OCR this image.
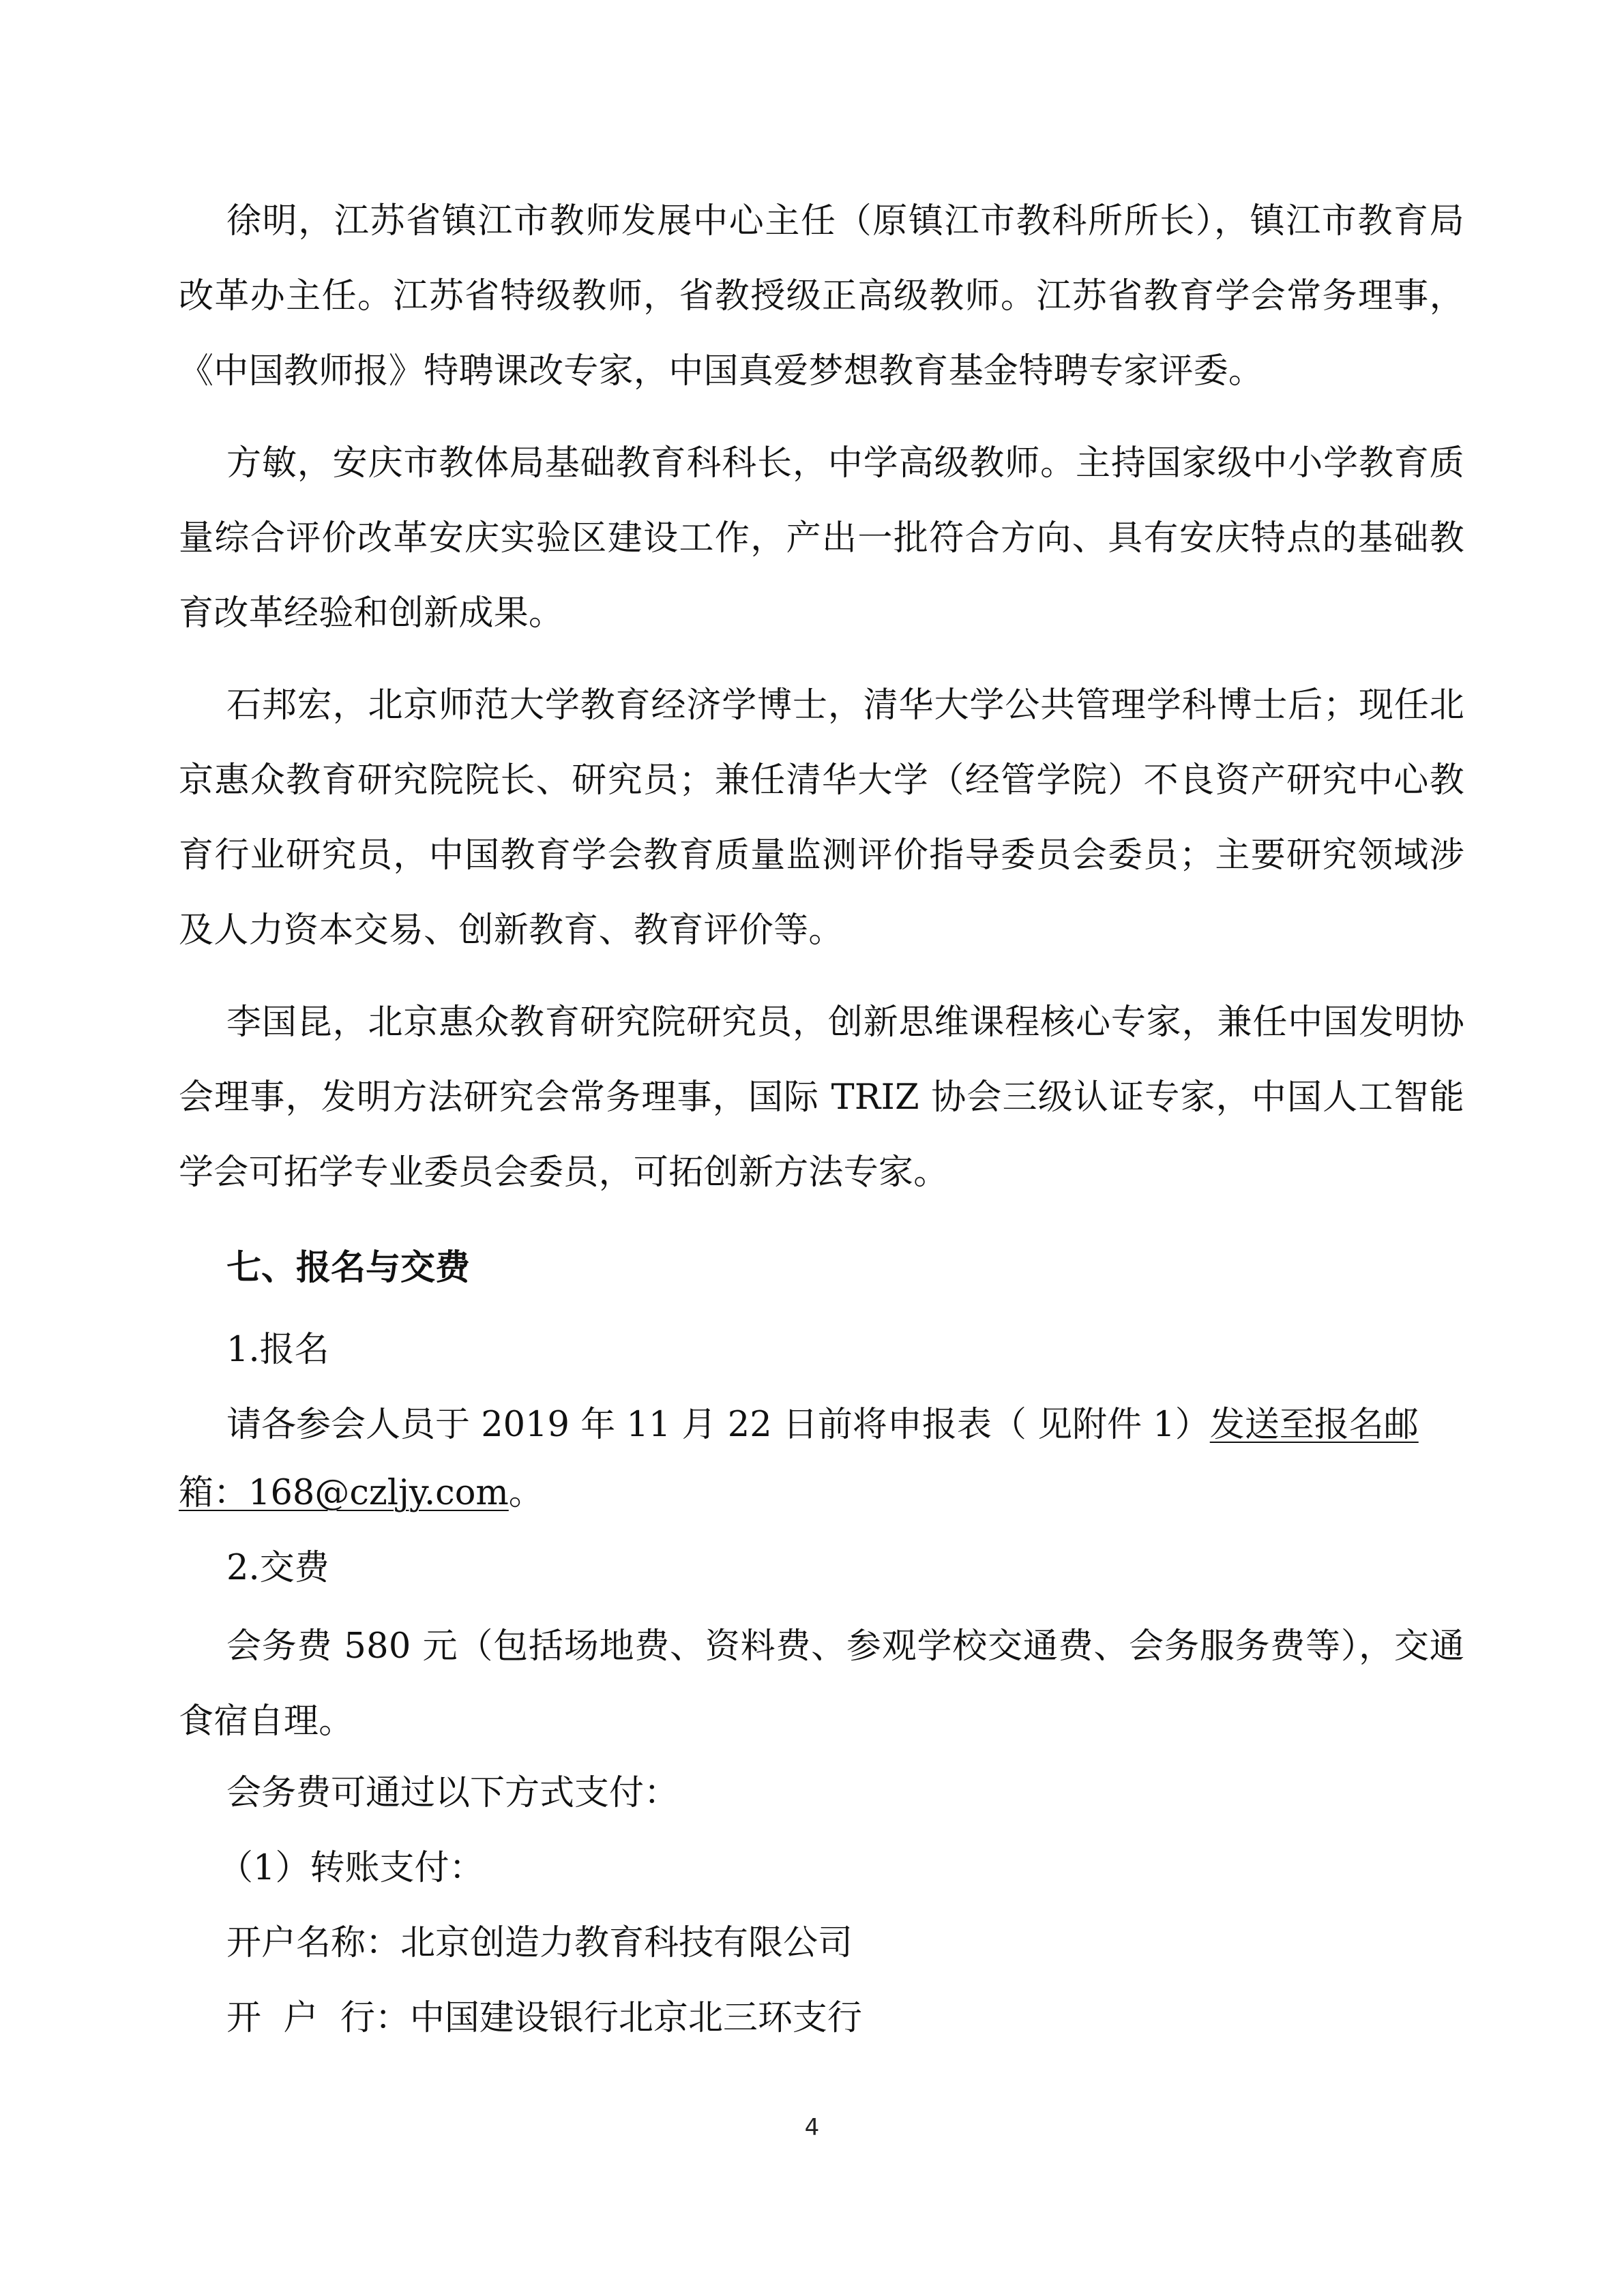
徐明，江苏省镇江市教师发展中心主任（原镇江市教科所所长），镇江市教育局改革办主任。江苏省特级教师，省教授级正高级教师。江苏省教育学会常务理事，《中国教师报》特聘课改专家，中国真爱梦想教育基金特聘专家评委。

方敏，安庆市教体局基础教育科科长，中学高级教师。主持国家级中小学教育质量综合评价改革安庆实验区建设工作，产出一批符合方向、具有安庆特点的基础教育改革经验和创新成果。

石邦宏，北京师范大学教育经济学博士，清华大学公共管理学科博士后；现任北京惠众教育研究院院长、研究员；兼任清华大学（经管学院）不良资产研究中心教育行业研究员，中国教育学会教育质量监测评价指导委员会委员；主要研究领域涉及人力资本交易、创新教育、教育评价等。

李国昆，北京惠众教育研究院研究员，创新思维课程核心专家，兼任中国发明协会理事，发明方法研究会常务理事，国际 TRIZ 协会三级认证专家，中国人工智能学会可拓学专业委员会委员，可拓创新方法专家。

七、报名与交费

1.报名

请各参会人员于 2019 年 11 月 22 日前将申报表（ 见附件 1）发送至报名邮

箱：168@czljy.com。

2.交费

会务费 580 元（包括场地费、资料费、参观学校交通费、会务服务费等），交通食宿自理。

会务费可通过以下方式支付：

（1）转账支付：

开户名称：北京创造力教育科技有限公司

开  户  行：中国建设银行北京北三环支行

4
